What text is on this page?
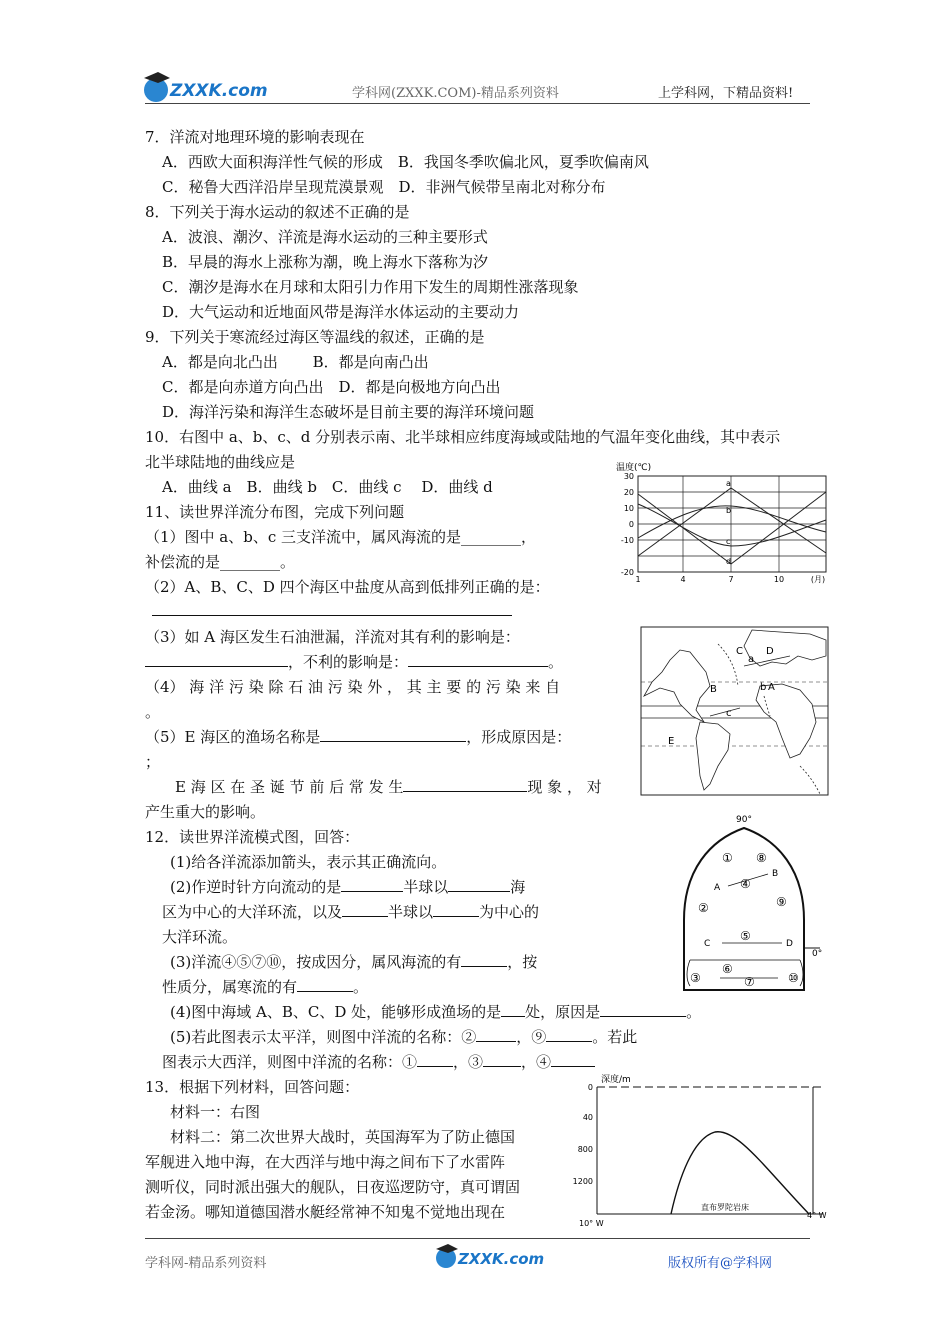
ZXXK.com	学科网(ZXXK.COM)-精品系列资料	上学科网，下精品资料!
7．洋流对地理环境的影响表现在
A．西欧大面积海洋性气候的形成　B．我国冬季吹偏北风，夏季吹偏南风
C．秘鲁大西洋沿岸呈现荒漠景观　D．非洲气候带呈南北对称分布
8．下列关于海水运动的叙述不正确的是
A．波浪、潮汐、洋流是海水运动的三种主要形式
B．早晨的海水上涨称为潮，晚上海水下落称为汐
C．潮汐是海水在月球和太阳引力作用下发生的周期性涨落现象
D．大气运动和近地面风带是海洋水体运动的主要动力
9．下列关于寒流经过海区等温线的叙述，正确的是
A．都是向北凸出　　 B．都是向南凸出
C．都是向赤道方向凸出　D．都是向极地方向凸出
D．海洋污染和海洋生态破坏是目前主要的海洋环境问题
10．右图中 a、b、c、d 分别表示南、北半球相应纬度海域或陆地的气温年变化曲线，其中表示
北半球陆地的曲线应是
A．曲线 a　B．曲线 b　C．曲线 c　 D．曲线 d
温度(℃)
30
20
10
0
-10
-20
1	4	7	10	(月)
a
b
c
d
11、读世界洋流分布图，完成下列问题
（1）图中 a、b、c 三支洋流中，属风海流的是________，
补偿流的是________。
（2）A、B、C、D 四个海区中盐度从高到低排列正确的是：
（3）如 A 海区发生石油泄漏，洋流对其有利的影响是：
，不利的影响是：	。
（4） 海 洋 污 染 除 石 油 污 染 外 ， 其 主 要 的 污 染 来 自
。
（5）E 海区的渔场名称是	，形成原因是：
；
E 海 区 在 圣 诞 节 前 后 常 发 生	现 象 ， 对
产生重大的影响。
C
a
D
B	b A
c
E
12．读世界洋流模式图，回答：
(1)给各洋流添加箭头，表示其正确流向。
(2)作逆时针方向流动的是	半球以	海
区为中心的大洋环流，以及	半球以	为中心的
大洋环流。
(3)洋流④⑤⑦⑩，按成因分，属风海流的有	，按
性质分，属寒流的有	。
(4)图中海域 A、B、C、D 处，能够形成渔场的是 处，原因是	。
(5)若此图表示太平洋，则图中洋流的名称：②	，⑨	。若此
图表示大西洋，则图中洋流的名称：① ，③	，④
90°
0°
A
B
C	D
① ⑧
④
②	⑨
⑤
⑥
③	⑦	⑩
13．根据下列材料，回答问题：
材料一：右图
材料二：第二次世界大战时，英国海军为了防止德国
军舰进入地中海，在大西洋与地中海之间布下了水雷阵
测听仪，同时派出强大的舰队，日夜巡逻防守，真可谓固
若金汤。哪知道德国潜水艇经常神不知鬼不觉地出现在
深度/m
0
40
800
1200
直布罗陀岩床
10° W
4° W
学科网-精品系列资料	ZXXK.com	版权所有@学科网
